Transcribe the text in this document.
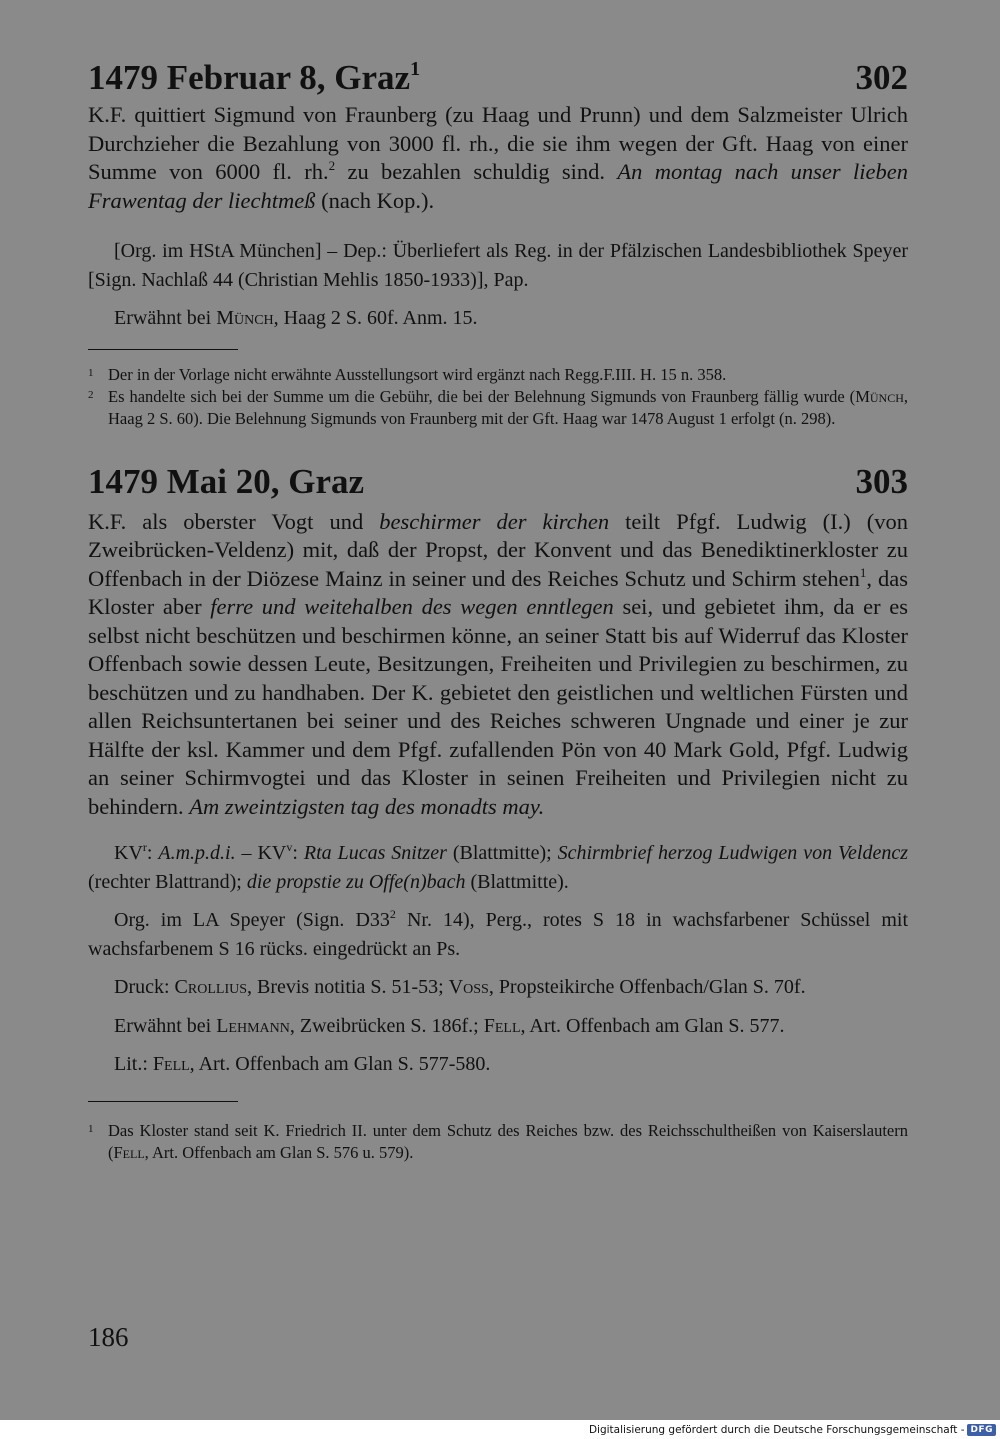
1479 Februar 8, Graz$^1$	302

K.F. quittiert Sigmund von Fraunberg (zu Haag und Prunn) und dem Salzmeister Ulrich Durchzieher die Bezahlung von 3000 fl. rh., die sie ihm wegen der Gft. Haag von einer Summe von 6000 fl. rh.$^2$ zu bezahlen schuldig sind. An montag nach unser lieben Frawentag der liechtmeß (nach Kop.).

[Org. im HStA München] – Dep.: Überliefert als Reg. in der Pfälzischen Landesbibliothek Speyer [Sign. Nachlaß 44 (Christian Mehlis 1850-1933)], Pap.

Erwähnt bei Münch, Haag 2 S. 60f. Anm. 15.

1 Der in der Vorlage nicht erwähnte Ausstellungsort wird ergänzt nach Regg.F.III. H. 15 n. 358.
2 Es handelte sich bei der Summe um die Gebühr, die bei der Belehnung Sigmunds von Fraunberg fällig wurde (Münch, Haag 2 S. 60). Die Belehnung Sigmunds von Fraunberg mit der Gft. Haag war 1478 August 1 erfolgt (n. 298).
1479 Mai 20, Graz	303

K.F. als oberster Vogt und beschirmer der kirchen teilt Pfgf. Ludwig (I.) (von Zweibrücken-Veldenz) mit, daß der Propst, der Konvent und das Benediktinerkloster zu Offenbach in der Diözese Mainz in seiner und des Reiches Schutz und Schirm stehen$^1$, das Kloster aber ferre und weitehalben des wegen enntlegen sei, und gebietet ihm, da er es selbst nicht beschützen und beschirmen könne, an seiner Statt bis auf Widerruf das Kloster Offenbach sowie dessen Leute, Besitzungen, Freiheiten und Privilegien zu beschirmen, zu beschützen und zu handhaben. Der K. gebietet den geistlichen und weltlichen Fürsten und allen Reichsuntertanen bei seiner und des Reiches schweren Ungnade und einer je zur Hälfte der ksl. Kammer und dem Pfgf. zufallenden Pön von 40 Mark Gold, Pfgf. Ludwig an seiner Schirmvogtei und das Kloster in seinen Freiheiten und Privilegien nicht zu behindern. Am zweintzigsten tag des monadts may.

$KV^r$: A.m.p.d.i. – $KV^v$: Rta Lucas Snitzer (Blattmitte); Schirmbrief herzog Ludwigen von Veldencz (rechter Blattrand); die propstie zu Offe(n)bach (Blattmitte).

Org. im LA Speyer (Sign. $D33^2$ Nr. 14), Perg., rotes S 18 in wachsfarbener Schüssel mit wachsfarbenem S 16 rücks. eingedrückt an Ps.

Druck: Crollius, Brevis notitia S. 51-53; Voss, Propsteikirche Offenbach/Glan S. 70f.

Erwähnt bei Lehmann, Zweibrücken S. 186f.; Fell, Art. Offenbach am Glan S. 577.

Lit.: Fell, Art. Offenbach am Glan S. 577-580.

1 Das Kloster stand seit K. Friedrich II. unter dem Schutz des Reiches bzw. des Reichsschultheißen von Kaiserslautern (Fell, Art. Offenbach am Glan S. 576 u. 579).
186
Digitalisierung gefördert durch die Deutsche Forschungsgemeinschaft - DFG
